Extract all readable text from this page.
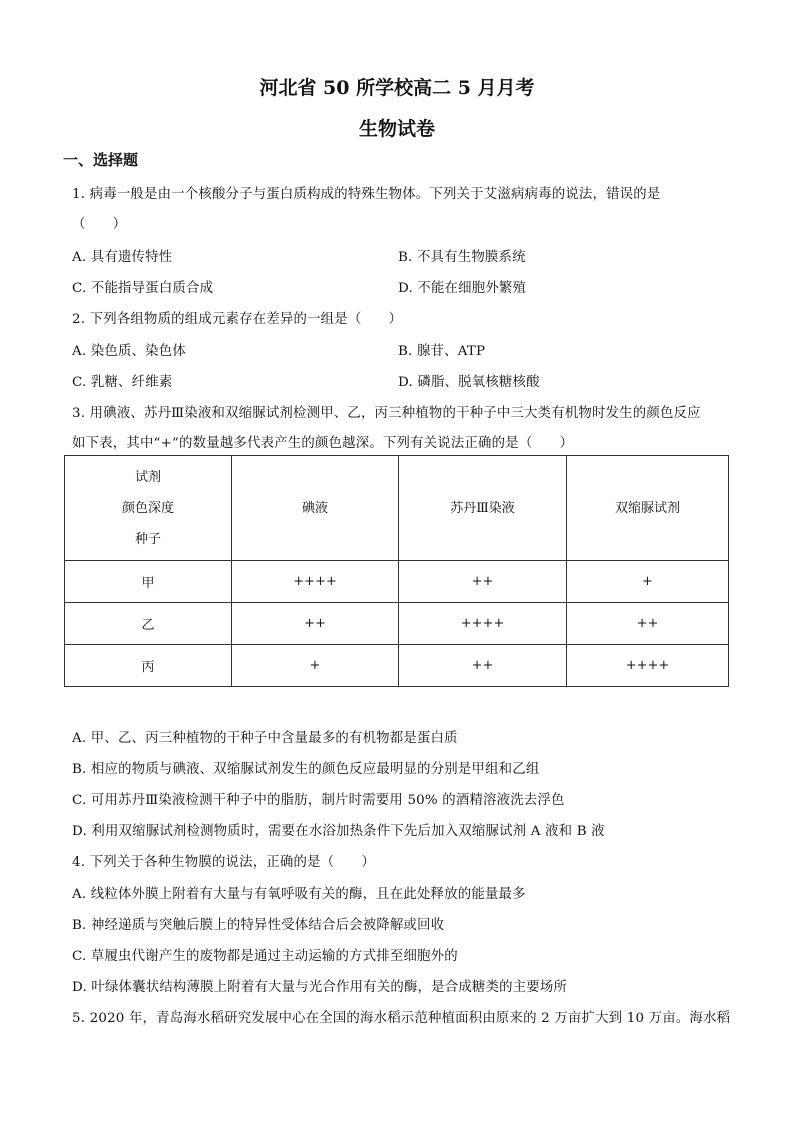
河北省 50 所学校高二 5 月月考
生物试卷
一、选择题
1. 病毒一般是由一个核酸分子与蛋白质构成的特殊生物体。下列关于艾滋病病毒的说法，错误的是
（　　）
A. 具有遗传特性	B. 不具有生物膜系统
C. 不能指导蛋白质合成	D. 不能在细胞外繁殖
2. 下列各组物质的组成元素存在差异的一组是（　　）
A. 染色质、染色体	B. 腺苷、ATP
C. 乳糖、纤维素	D. 磷脂、脱氧核糖核酸
3. 用碘液、苏丹Ⅲ染液和双缩脲试剂检测甲、乙，丙三种植物的干种子中三大类有机物时发生的颜色反应
如下表，其中“+”的数量越多代表产生的颜色越深。下列有关说法正确的是（　　）
试剂
颜色深度
种子	碘液	苏丹Ⅲ染液	双缩脲试剂
甲	++++	++	+
乙	++	++++	++
丙	+	++	++++
A. 甲、乙、丙三种植物的干种子中含量最多的有机物都是蛋白质
B. 相应的物质与碘液、双缩脲试剂发生的颜色反应最明显的分别是甲组和乙组
C. 可用苏丹Ⅲ染液检测干种子中的脂肪，制片时需要用 50% 的酒精溶液洗去浮色
D. 利用双缩脲试剂检测物质时，需要在水浴加热条件下先后加入双缩脲试剂 A 液和 B 液
4. 下列关于各种生物膜的说法，正确的是（　　）
A. 线粒体外膜上附着有大量与有氧呼吸有关的酶，且在此处释放的能量最多
B. 神经递质与突触后膜上的特异性受体结合后会被降解或回收
C. 草履虫代谢产生的废物都是通过主动运输的方式排至细胞外的
D. 叶绿体囊状结构薄膜上附着有大量与光合作用有关的酶，是合成糖类的主要场所
5. 2020 年，青岛海水稻研究发展中心在全国的海水稻示范种植面积由原来的 2 万亩扩大到 10 万亩。海水稻
